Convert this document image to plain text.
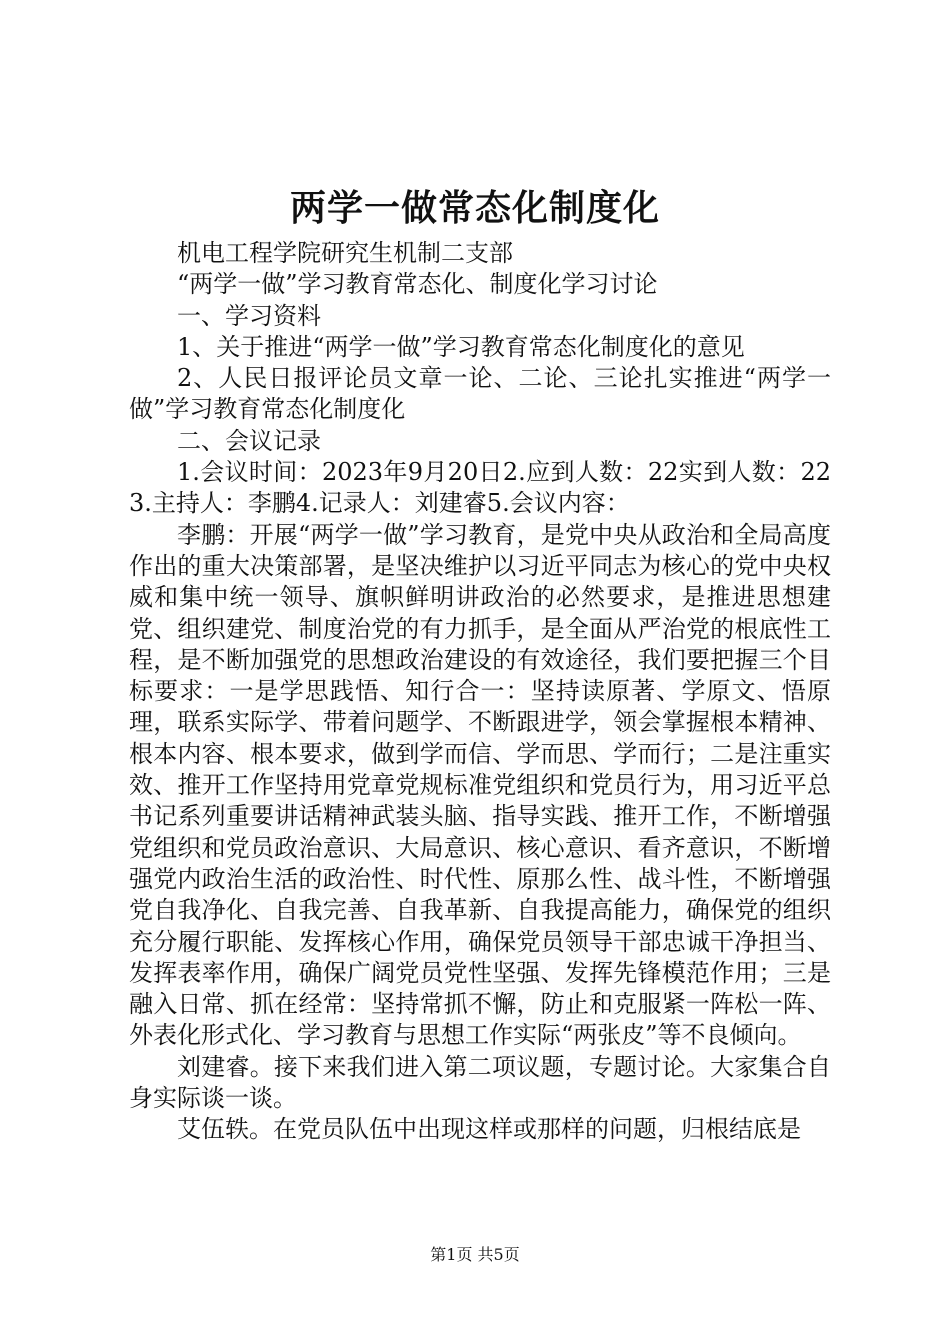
两学一做常态化制度化

机电工程学院研究生机制二支部

“两学一做”学习教育常态化、制度化学习讨论

一、学习资料

1、关于推进“两学一做”学习教育常态化制度化的意见

2、人民日报评论员文章一论、二论、三论扎实推进“两学一做”学习教育常态化制度化

二、会议记录

1.会议时间：2023年9月20日2.应到人数：22实到人数：223.主持人：李鹏4.记录人：刘建睿5.会议内容：

李鹏：开展“两学一做”学习教育，是党中央从政治和全局高度作出的重大决策部署，是坚决维护以习近平同志为核心的党中央权威和集中统一领导、旗帜鲜明讲政治的必然要求，是推进思想建党、组织建党、制度治党的有力抓手，是全面从严治党的根底性工程，是不断加强党的思想政治建设的有效途径，我们要把握三个目标要求：一是学思践悟、知行合一：坚持读原著、学原文、悟原理，联系实际学、带着问题学、不断跟进学，领会掌握根本精神、根本内容、根本要求，做到学而信、学而思、学而行；二是注重实效、推开工作坚持用党章党规标准党组织和党员行为，用习近平总书记系列重要讲话精神武装头脑、指导实践、推开工作，不断增强党组织和党员政治意识、大局意识、核心意识、看齐意识，不断增强党内政治生活的政治性、时代性、原那么性、战斗性，不断增强党自我净化、自我完善、自我革新、自我提高能力，确保党的组织充分履行职能、发挥核心作用，确保党员领导干部忠诚干净担当、发挥表率作用，确保广阔党员党性坚强、发挥先锋模范作用；三是融入日常、抓在经常：坚持常抓不懈，防止和克服紧一阵松一阵、外表化形式化、学习教育与思想工作实际“两张皮”等不良倾向。

刘建睿。接下来我们进入第二项议题，专题讨论。大家集合自身实际谈一谈。

艾伍轶。在党员队伍中出现这样或那样的问题，归根结底是

第1页 共5页
